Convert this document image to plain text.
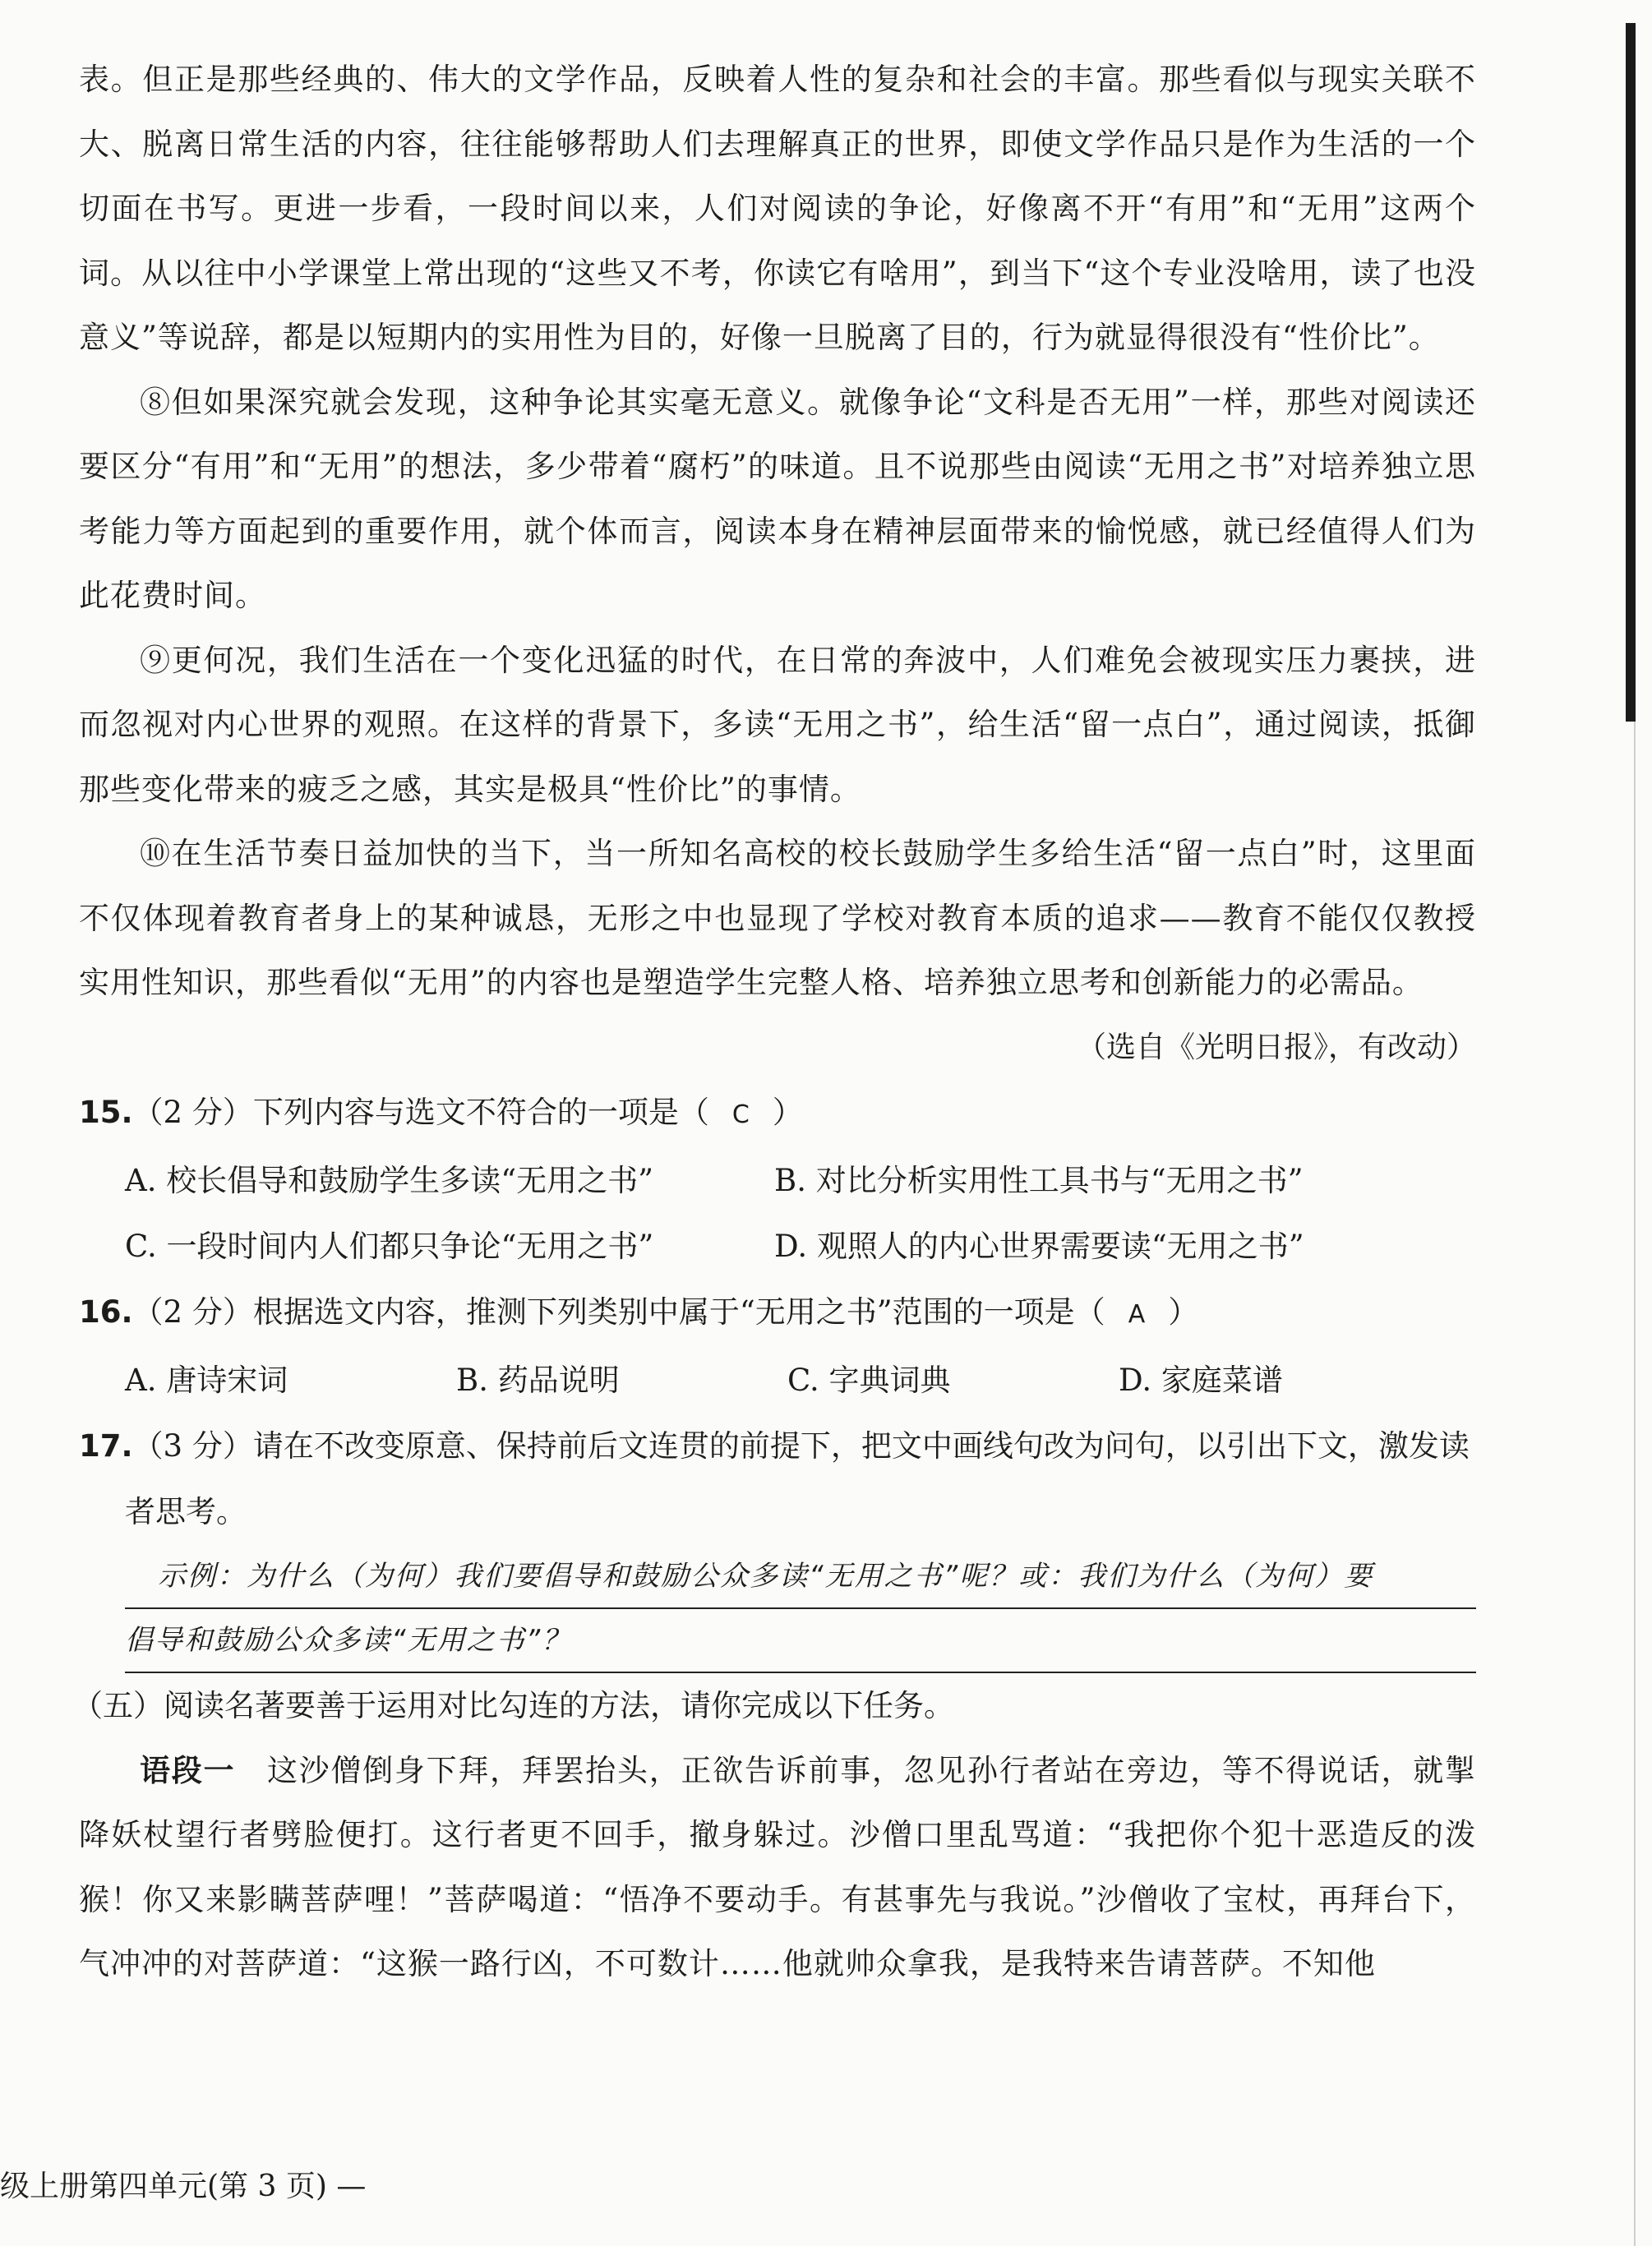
表。但正是那些经典的、伟大的文学作品，反映着人性的复杂和社会的丰富。那些看似与现实关联不大、脱离日常生活的内容，往往能够帮助人们去理解真正的世界，即使文学作品只是作为生活的一个切面在书写。更进一步看，一段时间以来，人们对阅读的争论，好像离不开“有用”和“无用”这两个词。从以往中小学课堂上常出现的“这些又不考，你读它有啥用”，到当下“这个专业没啥用，读了也没意义”等说辞，都是以短期内的实用性为目的，好像一旦脱离了目的，行为就显得很没有“性价比”。

⑧但如果深究就会发现，这种争论其实毫无意义。就像争论“文科是否无用”一样，那些对阅读还要区分“有用”和“无用”的想法，多少带着“腐朽”的味道。且不说那些由阅读“无用之书”对培养独立思考能力等方面起到的重要作用，就个体而言，阅读本身在精神层面带来的愉悦感，就已经值得人们为此花费时间。

⑨更何况，我们生活在一个变化迅猛的时代，在日常的奔波中，人们难免会被现实压力裹挟，进而忽视对内心世界的观照。在这样的背景下，多读“无用之书”，给生活“留一点白”，通过阅读，抵御那些变化带来的疲乏之感，其实是极具“性价比”的事情。

⑩在生活节奏日益加快的当下，当一所知名高校的校长鼓励学生多给生活“留一点白”时，这里面不仅体现着教育者身上的某种诚恳，无形之中也显现了学校对教育本质的追求——教育不能仅仅教授实用性知识，那些看似“无用”的内容也是塑造学生完整人格、培养独立思考和创新能力的必需品。

（选自《光明日报》，有改动）

15.（2 分）下列内容与选文不符合的一项是（ C ）

A. 校长倡导和鼓励学生多读“无用之书”	B. 对比分析实用性工具书与“无用之书”
C. 一段时间内人们都只争论“无用之书”	D. 观照人的内心世界需要读“无用之书”

16.（2 分）根据选文内容，推测下列类别中属于“无用之书”范围的一项是（ A ）

A. 唐诗宋词	B. 药品说明	C. 字典词典	D. 家庭菜谱

17.（3 分）请在不改变原意、保持前后文连贯的前提下，把文中画线句改为问句，以引出下文，激发读

者思考。

示例：为什么（为何）我们要倡导和鼓励公众多读“无用之书”呢？或：我们为什么（为何）要

倡导和鼓励公众多读“无用之书”？

（五）阅读名著要善于运用对比勾连的方法，请你完成以下任务。

语段一　 这沙僧倒身下拜，拜罢抬头，正欲告诉前事，忽见孙行者站在旁边，等不得说话，就掣降妖杖望行者劈脸便打。这行者更不回手，撤身躲过。沙僧口里乱骂道：“我把你个犯十恶造反的泼猴！你又来影瞒菩萨哩！”菩萨喝道：“悟净不要动手。有甚事先与我说。”沙僧收了宝杖，再拜台下，气冲冲的对菩萨道：“这猴一路行凶，不可数计……他就帅众拿我，是我特来告请菩萨。不知他

级上册第四单元(第 3 页) —
